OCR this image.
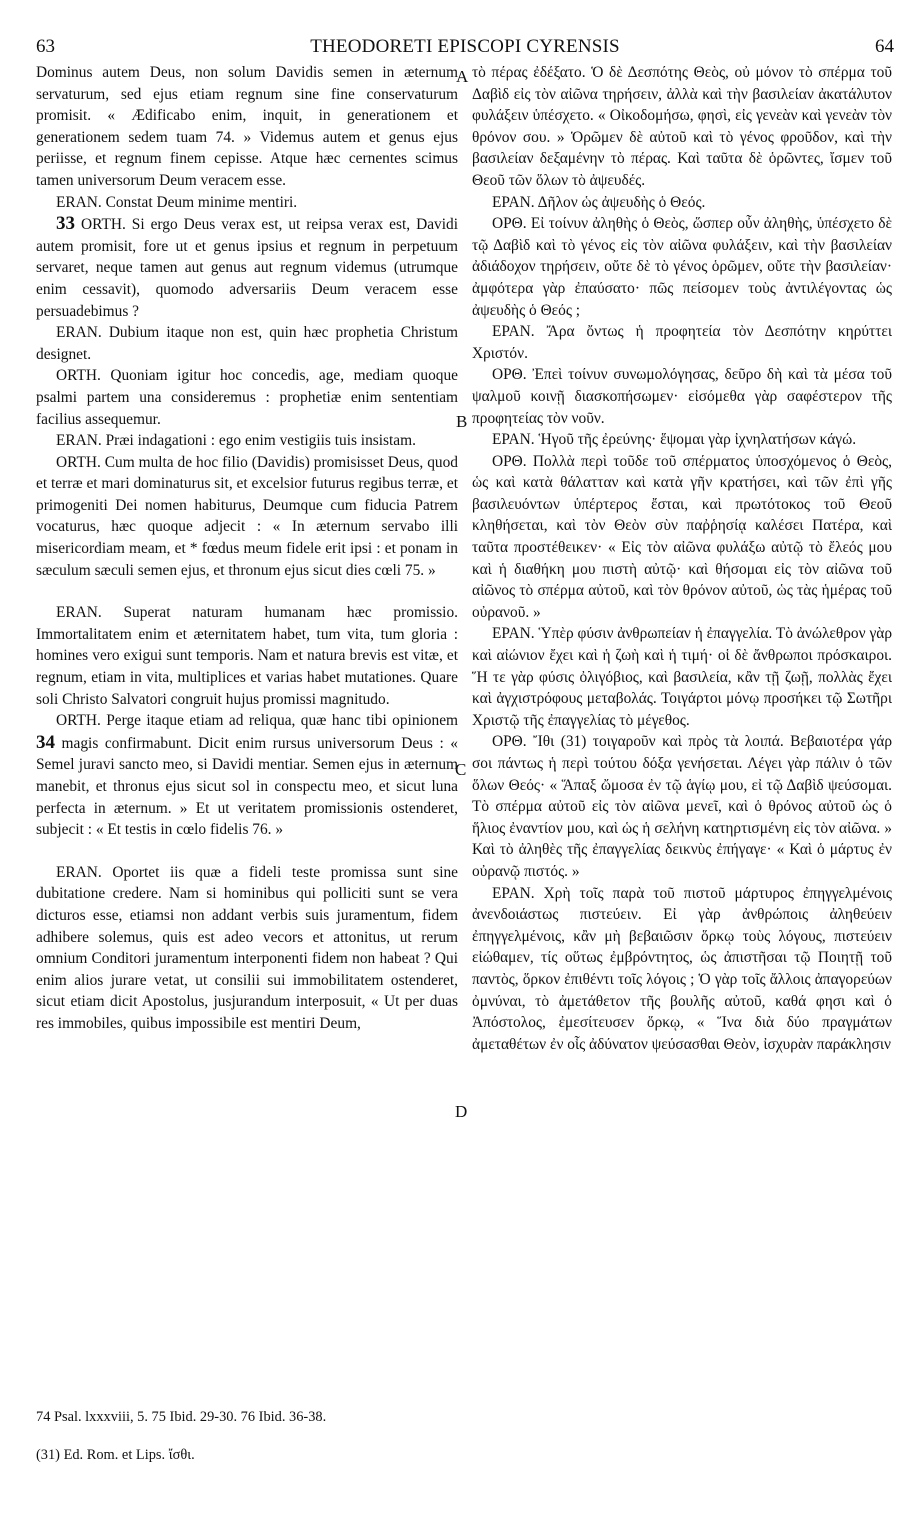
63	THEODORETI EPISCOPI CYRENSIS	64
A
B
C
D

Dominus autem Deus, non solum Davidis semen in æternum servaturum, sed ejus etiam regnum sine fine conservaturum promisit. « Ædificabo enim, inquit, in generationem et generationem sedem tuam 74. » Videmus autem et genus ejus periisse, et regnum finem cepisse. Atque hæc cernentes scimus tamen universorum Deum veracem esse.

ERAN. Constat Deum minime mentiri.

33 ORTH. Si ergo Deus verax est, ut reipsa verax est, Davidi autem promisit, fore ut et genus ipsius et regnum in perpetuum servaret, neque tamen aut genus aut regnum videmus (utrumque enim cessavit), quomodo adversariis Deum veracem esse persuadebimus ?

ERAN. Dubium itaque non est, quin hæc prophetia Christum designet.

ORTH. Quoniam igitur hoc concedis, age, mediam quoque psalmi partem una consideremus : prophetiæ enim sententiam facilius assequemur.

ERAN. Præi indagationi : ego enim vestigiis tuis insistam.

ORTH. Cum multa de hoc filio (Davidis) promisisset Deus, quod et terræ et mari dominaturus sit, et excelsior futurus regibus terræ, et primogeniti Dei nomen habiturus, Deumque cum fiducia Patrem vocaturus, hæc quoque adjecit : « In æternum servabo illi misericordiam meam, et * fœdus meum fidele erit ipsi : et ponam in sæculum sæculi semen ejus, et thronum ejus sicut dies cœli 75. »

ERAN. Superat naturam humanam hæc promissio. Immortalitatem enim et æternitatem habet, tum vita, tum gloria : homines vero exigui sunt temporis. Nam et natura brevis est vitæ, et regnum, etiam in vita, multiplices et varias habet mutationes. Quare soli Christo Salvatori congruit hujus promissi magnitudo.

ORTH. Perge itaque etiam ad reliqua, quæ hanc tibi opinionem 34 magis confirmabunt. Dicit enim rursus universorum Deus : « Semel juravi sancto meo, si Davidi mentiar. Semen ejus in æternum manebit, et thronus ejus sicut sol in conspectu meo, et sicut luna perfecta in æternum. » Et ut veritatem promissionis ostenderet, subjecit : « Et testis in cœlo fidelis 76. »

ERAN. Oportet iis quæ a fideli teste promissa sunt sine dubitatione credere. Nam si hominibus qui polliciti sunt se vera dicturos esse, etiamsi non addant verbis suis juramentum, fidem adhibere solemus, quis est adeo vecors et attonitus, ut rerum omnium Conditori juramentum interponenti fidem non habeat ? Qui enim alios jurare vetat, ut consilii sui immobilitatem ostenderet, sicut etiam dicit Apostolus, jusjurandum interposuit, « Ut per duas res immobiles, quibus impossibile est mentiri Deum,

τὸ πέρας ἐδέξατο. Ὁ δὲ Δεσπότης Θεὸς, οὐ μόνον τὸ σπέρμα τοῦ Δαβὶδ εἰς τὸν αἰῶνα τηρήσειν, ἀλλὰ καὶ τὴν βασιλείαν ἀκατάλυτον φυλάξειν ὑπέσχετο. « Οἰκοδομήσω, φησὶ, εἰς γενεὰν καὶ γενεὰν τὸν θρόνον σου. » Ὁρῶμεν δὲ αὐτοῦ καὶ τὸ γένος φροῦδον, καὶ τὴν βασιλείαν δεξαμένην τὸ πέρας. Καὶ ταῦτα δὲ ὁρῶντες, ἴσμεν τοῦ Θεοῦ τῶν ὅλων τὸ ἀψευδές.

ΕΡΑΝ. Δῆλον ὡς ἀψευδὴς ὁ Θεός.

ΟΡΘ. Εἰ τοίνυν ἀληθὴς ὁ Θεὸς, ὥσπερ οὖν ἀληθὴς, ὑπέσχετο δὲ τῷ Δαβὶδ καὶ τὸ γένος εἰς τὸν αἰῶνα φυλάξειν, καὶ τὴν βασιλείαν ἀδιάδοχον τηρήσειν, οὔτε δὲ τὸ γένος ὁρῶμεν, οὔτε τὴν βασιλείαν· ἀμφότερα γὰρ ἐπαύσατο· πῶς πείσομεν τοὺς ἀντιλέγοντας ὡς ἀψευδὴς ὁ Θεός ;

ΕΡΑΝ. Ἄρα ὄντως ἡ προφητεία τὸν Δεσπότην κηρύττει Χριστόν.

ΟΡΘ. Ἐπεὶ τοίνυν συνωμολόγησας, δεῦρο δὴ καὶ τὰ μέσα τοῦ ψαλμοῦ κοινῇ διασκοπήσωμεν· εἰσόμεθα γὰρ σαφέστερον τῆς προφητείας τὸν νοῦν.

ΕΡΑΝ. Ἡγοῦ τῆς ἐρεύνης· ἕψομαι γὰρ ἰχνηλατήσων κάγώ.

ΟΡΘ. Πολλὰ περὶ τοῦδε τοῦ σπέρματος ὑποσχόμενος ὁ Θεὸς, ὡς καὶ κατὰ θάλατταν καὶ κατὰ γῆν κρατήσει, καὶ τῶν ἐπὶ γῆς βασιλευόντων ὑπέρτερος ἔσται, καὶ πρωτότοκος τοῦ Θεοῦ κληθήσεται, καὶ τὸν Θεὸν σὺν παῤῥησίᾳ καλέσει Πατέρα, καὶ ταῦτα προστέθεικεν· « Εἰς τὸν αἰῶνα φυλάξω αὐτῷ τὸ ἔλεός μου καὶ ἡ διαθήκη μου πιστὴ αὐτῷ· καὶ θήσομαι εἰς τὸν αἰῶνα τοῦ αἰῶνος τὸ σπέρμα αὐτοῦ, καὶ τὸν θρόνον αὐτοῦ, ὡς τὰς ἡμέρας τοῦ οὐρανοῦ. »

ΕΡΑΝ. Ὑπὲρ φύσιν ἀνθρωπείαν ἡ ἐπαγγελία. Τὸ ἀνώλεθρον γὰρ καὶ αἰώνιον ἔχει καὶ ἡ ζωὴ καὶ ἡ τιμή· οἱ δὲ ἄνθρωποι πρόσκαιροι. Ἥ τε γὰρ φύσις ὀλιγόβιος, καὶ βασιλεία, κἂν τῇ ζωῇ, πολλὰς ἔχει καὶ ἀγχιστρόφους μεταβολάς. Τοιγάρτοι μόνῳ προσήκει τῷ Σωτῆρι Χριστῷ τῆς ἐπαγγελίας τὸ μέγεθος.

ΟΡΘ. Ἴθι (31) τοιγαροῦν καὶ πρὸς τὰ λοιπά. Βεβαιοτέρα γάρ σοι πάντως ἡ περὶ τούτου δόξα γενήσεται. Λέγει γὰρ πάλιν ὁ τῶν ὅλων Θεός· « Ἅπαξ ὤμοσα ἐν τῷ ἁγίῳ μου, εἰ τῷ Δαβὶδ ψεύσομαι. Τὸ σπέρμα αὐτοῦ εἰς τὸν αἰῶνα μενεῖ, καὶ ὁ θρόνος αὐτοῦ ὡς ὁ ἥλιος ἐναντίον μου, καὶ ὡς ἡ σελήνη κατηρτισμένη εἰς τὸν αἰῶνα. » Καὶ τὸ ἀληθὲς τῆς ἐπαγγελίας δεικνὺς ἐπήγαγε· « Καὶ ὁ μάρτυς ἐν οὐρανῷ πιστός. »

ΕΡΑΝ. Χρὴ τοῖς παρὰ τοῦ πιστοῦ μάρτυρος ἐπηγγελμένοις ἀνενδοιάστως πιστεύειν. Εἰ γὰρ ἀνθρώποις ἀληθεύειν ἐπηγγελμένοις, κἂν μὴ βεβαιῶσιν ὅρκῳ τοὺς λόγους, πιστεύειν εἰώθαμεν, τίς οὕτως ἐμβρόντητος, ὡς ἀπιστῆσαι τῷ Ποιητῇ τοῦ παντὸς, ὅρκον ἐπιθέντι τοῖς λόγοις ; Ὁ γὰρ τοῖς ἄλλοις ἀπαγορεύων ὀμνύναι, τὸ ἀμετάθετον τῆς βουλῆς αὐτοῦ, καθά φησι καὶ ὁ Ἀπόστολος, ἐμεσίτευσεν ὅρκῳ, « Ἵνα διὰ δύο πραγμάτων ἀμεταθέτων ἐν οἷς ἀδύνατον ψεύσασθαι Θεὸν, ἰσχυρὰν παράκλησιν

74 Psal. lxxxviii, 5. 75 Ibid. 29-30. 76 Ibid. 36-38.
(31) Ed. Rom. et Lips. ἴσθι.
